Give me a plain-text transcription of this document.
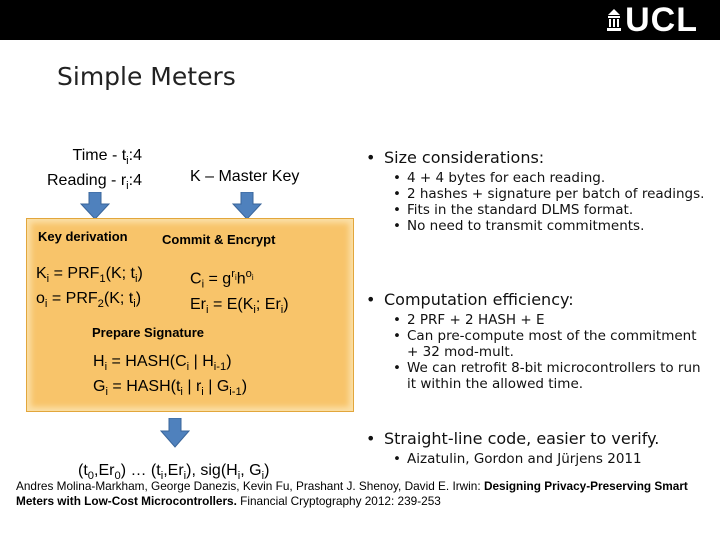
UCL
Simple Meters
Time - $t_i:4$
Reading - $r_i:4$	K – Master Key
Key derivation	Commit & Encrypt
$K_i = PRF_1(K$; $t_i$)
$o_i = PRF_2(K$; $t_i$)
$C_i = g^{r_i}h^{o_i}$
$Er_i = E(K_i$; $Er_i$)
Prepare Signature
$H_i$ = $HASH(C_i$ | $H_{i-1}$)
$G_i$ = $HASH(t_i$ | $r_i$ | $G_{i-1}$)
$(t_0,Er_0)$ … $(t_i,Er_i)$, $sig(H_i$, $G_i$)
• Size considerations:
• 4 + 4 bytes for each reading.
• 2 hashes + signature per batch of readings.
• Fits in the standard DLMS format.
• No need to transmit commitments.
• Computation efficiency:
• 2 PRF + 2 HASH + E
• Can pre-compute most of the commitment + 32 mod-mult.
• We can retrofit 8-bit microcontrollers to run it within the allowed time.
• Straight-line code, easier to verify.
• Aizatulin, Gordon and Jürjens 2011
Andres Molina-Markham, George Danezis, Kevin Fu, Prashant J. Shenoy, David E. Irwin: Designing Privacy-Preserving Smart Meters with Low-Cost Microcontrollers. Financial Cryptography 2012: 239-253
